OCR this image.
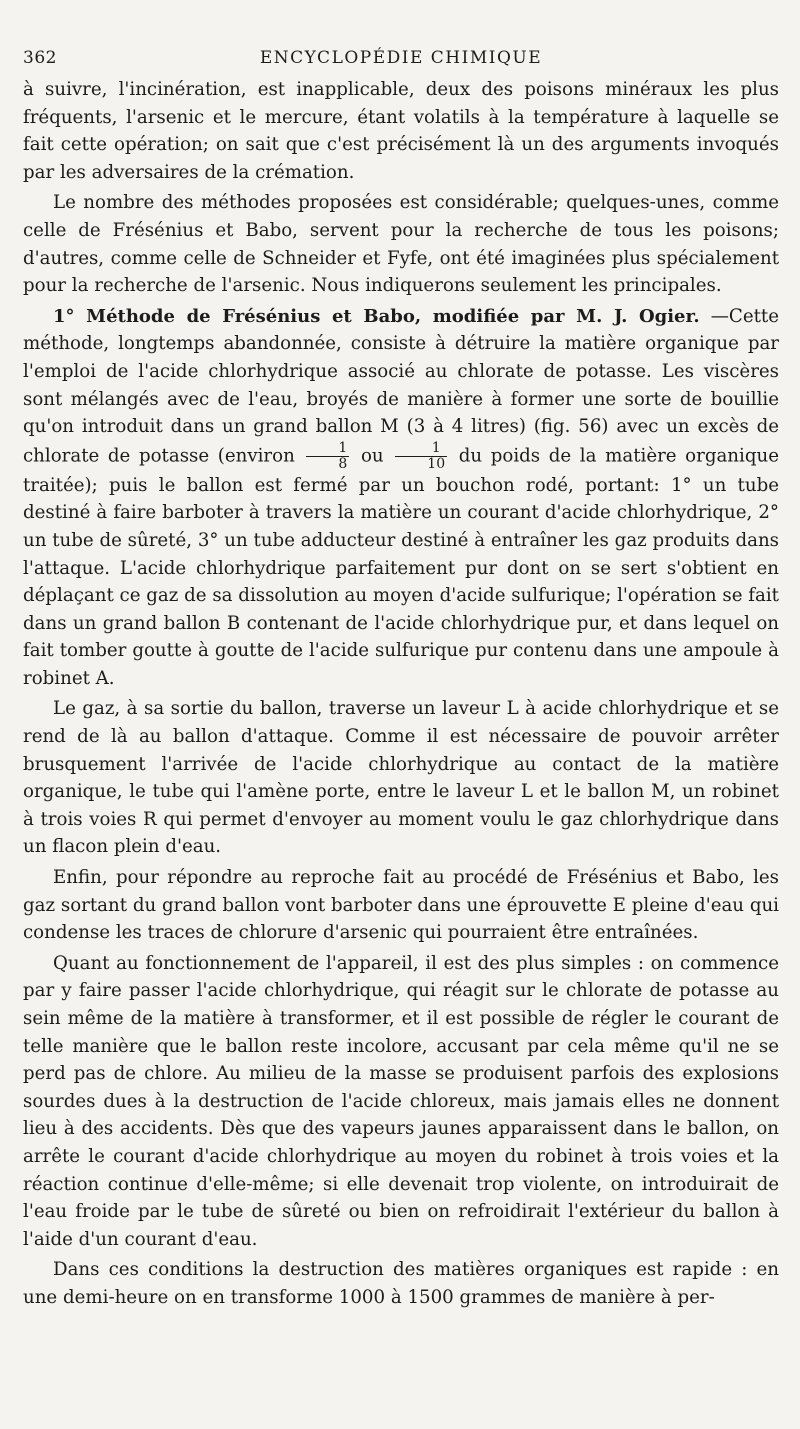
362	ENCYCLOPÉDIE CHIMIQUE

à suivre, l'incinération, est inapplicable, deux des poisons minéraux les plus fréquents, l'arsenic et le mercure, étant volatils à la température à laquelle se fait cette opération; on sait que c'est précisément là un des arguments invoqués par les adversaires de la crémation.

Le nombre des méthodes proposées est considérable; quelques-unes, comme celle de Frésénius et Babo, servent pour la recherche de tous les poisons; d'autres, comme celle de Schneider et Fyfe, ont été imaginées plus spécialement pour la recherche de l'arsenic. Nous indiquerons seulement les principales.

1° Méthode de Frésénius et Babo, modifiée par M. J. Ogier. —Cette méthode, longtemps abandonnée, consiste à détruire la matière organique par l'emploi de l'acide chlorhydrique associé au chlorate de potasse. Les viscères sont mélangés avec de l'eau, broyés de manière à former une sorte de bouillie qu'on introduit dans un grand ballon M (3 à 4 litres) (fig. 56) avec un excès de chlorate de potasse (environ $\frac{1}{8}$ ou $\frac{1}{10}$ du poids de la matière organique traitée); puis le ballon est fermé par un bouchon rodé, portant: 1° un tube destiné à faire barboter à travers la matière un courant d'acide chlorhydrique, 2° un tube de sûreté, 3° un tube adducteur destiné à entraîner les gaz produits dans l'attaque. L'acide chlorhydrique parfaitement pur dont on se sert s'obtient en déplaçant ce gaz de sa dissolution au moyen d'acide sulfurique; l'opération se fait dans un grand ballon B contenant de l'acide chlorhydrique pur, et dans lequel on fait tomber goutte à goutte de l'acide sulfurique pur contenu dans une ampoule à robinet A.

Le gaz, à sa sortie du ballon, traverse un laveur L à acide chlorhydrique et se rend de là au ballon d'attaque. Comme il est nécessaire de pouvoir arrêter brusquement l'arrivée de l'acide chlorhydrique au contact de la matière organique, le tube qui l'amène porte, entre le laveur L et le ballon M, un robinet à trois voies R qui permet d'envoyer au moment voulu le gaz chlorhydrique dans un flacon plein d'eau.

Enfin, pour répondre au reproche fait au procédé de Frésénius et Babo, les gaz sortant du grand ballon vont barboter dans une éprouvette E pleine d'eau qui condense les traces de chlorure d'arsenic qui pourraient être entraînées.

Quant au fonctionnement de l'appareil, il est des plus simples : on commence par y faire passer l'acide chlorhydrique, qui réagit sur le chlorate de potasse au sein même de la matière à transformer, et il est possible de régler le courant de telle manière que le ballon reste incolore, accusant par cela même qu'il ne se perd pas de chlore. Au milieu de la masse se produisent parfois des explosions sourdes dues à la destruction de l'acide chloreux, mais jamais elles ne donnent lieu à des accidents. Dès que des vapeurs jaunes apparaissent dans le ballon, on arrête le courant d'acide chlorhydrique au moyen du robinet à trois voies et la réaction continue d'elle-même; si elle devenait trop violente, on introduirait de l'eau froide par le tube de sûreté ou bien on refroidirait l'extérieur du ballon à l'aide d'un courant d'eau.

Dans ces conditions la destruction des matières organiques est rapide : en une demi-heure on en transforme 1000 à 1500 grammes de manière à per-
